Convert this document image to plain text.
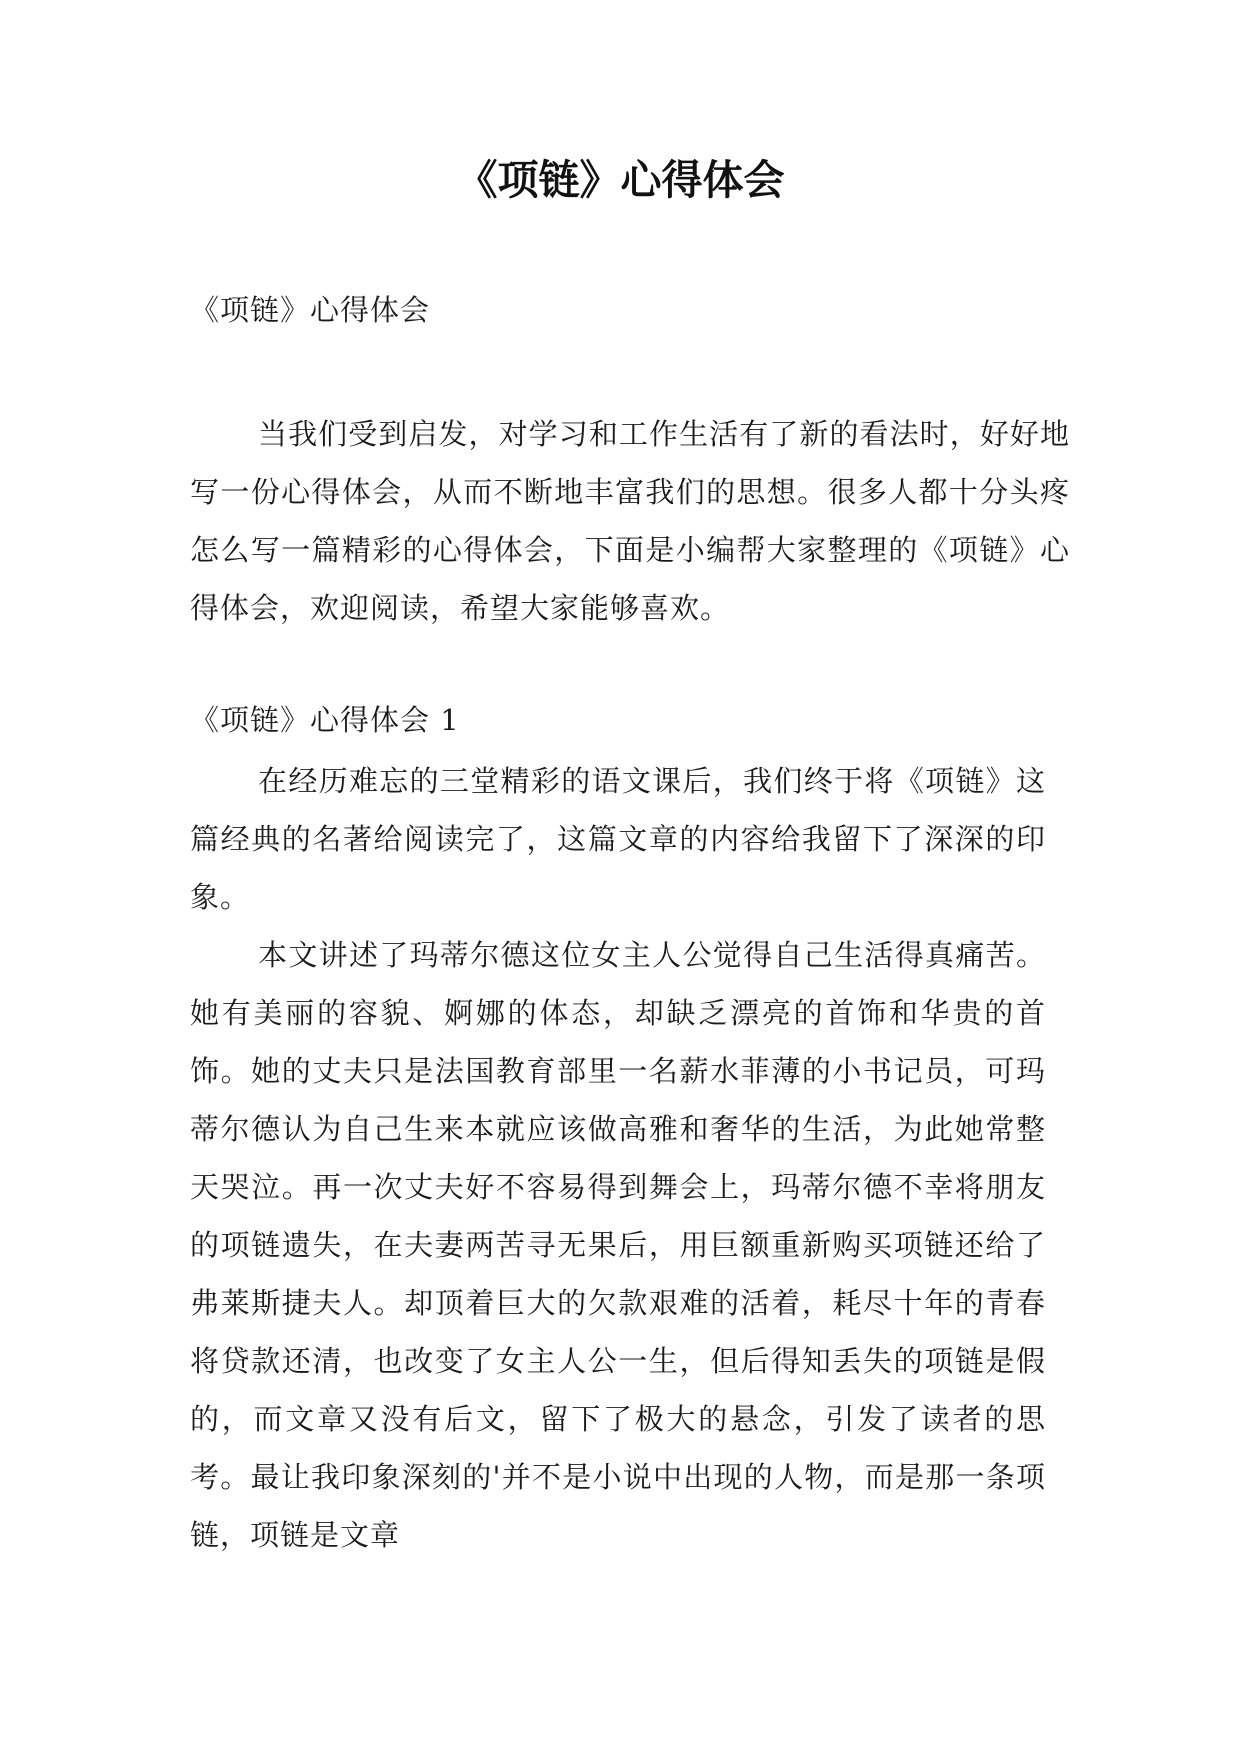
《项链》心得体会

《项链》心得体会

当我们受到启发，对学习和工作生活有了新的看法时，好好地写一份心得体会，从而不断地丰富我们的思想。很多人都十分头疼怎么写一篇精彩的心得体会，下面是小编帮大家整理的《项链》心得体会，欢迎阅读，希望大家能够喜欢。

《项链》心得体会 1

在经历难忘的三堂精彩的语文课后，我们终于将《项链》这篇经典的名著给阅读完了，这篇文章的内容给我留下了深深的印象。

本文讲述了玛蒂尔德这位女主人公觉得自己生活得真痛苦。她有美丽的容貌、婀娜的体态，却缺乏漂亮的首饰和华贵的首饰。她的丈夫只是法国教育部里一名薪水菲薄的小书记员，可玛蒂尔德认为自己生来本就应该做高雅和奢华的生活，为此她常整天哭泣。再一次丈夫好不容易得到舞会上，玛蒂尔德不幸将朋友的项链遗失，在夫妻两苦寻无果后，用巨额重新购买项链还给了弗莱斯捷夫人。却顶着巨大的欠款艰难的活着，耗尽十年的青春将贷款还清，也改变了女主人公一生，但后得知丢失的项链是假的，而文章又没有后文，留下了极大的悬念，引发了读者的思考。最让我印象深刻的'并不是小说中出现的人物，而是那一条项链，项链是文章
